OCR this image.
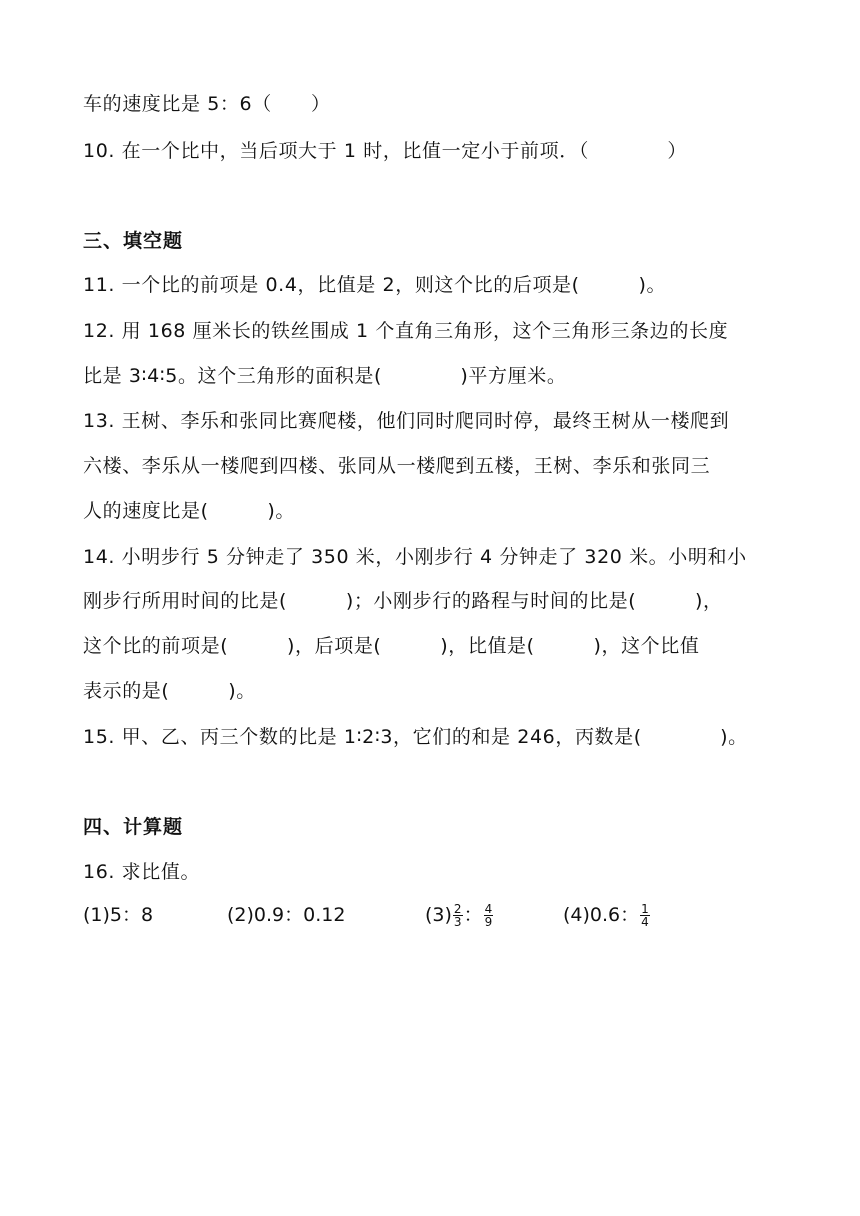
车的速度比是 5：6（　　）
10. 在一个比中，当后项大于 1 时，比值一定小于前项．（　　　　）
三、填空题
11. 一个比的前项是 0.4，比值是 2，则这个比的后项是(　　　)。
12. 用 168 厘米长的铁丝围成 1 个直角三角形，这个三角形三条边的长度
比是 3∶4∶5。这个三角形的面积是(　　　　)平方厘米。
13. 王树、李乐和张同比赛爬楼，他们同时爬同时停，最终王树从一楼爬到
六楼、李乐从一楼爬到四楼、张同从一楼爬到五楼，王树、李乐和张同三
人的速度比是(　　　)。
14. 小明步行 5 分钟走了 350 米，小刚步行 4 分钟走了 320 米。小明和小
刚步行所用时间的比是(　　　)；小刚步行的路程与时间的比是(　　　)，
这个比的前项是(　　　)，后项是(　　　)，比值是(　　　)，这个比值
表示的是(　　　)。
15. 甲、乙、丙三个数的比是 1∶2∶3，它们的和是 246，丙数是(　　　　)。
四、计算题
16. 求比值。
(1)5：8	(2)0.9：0.12	$(3) \frac{2}{3}$ ： $\frac{4}{9}$	(4)0.6： $\frac{1}{4}$
